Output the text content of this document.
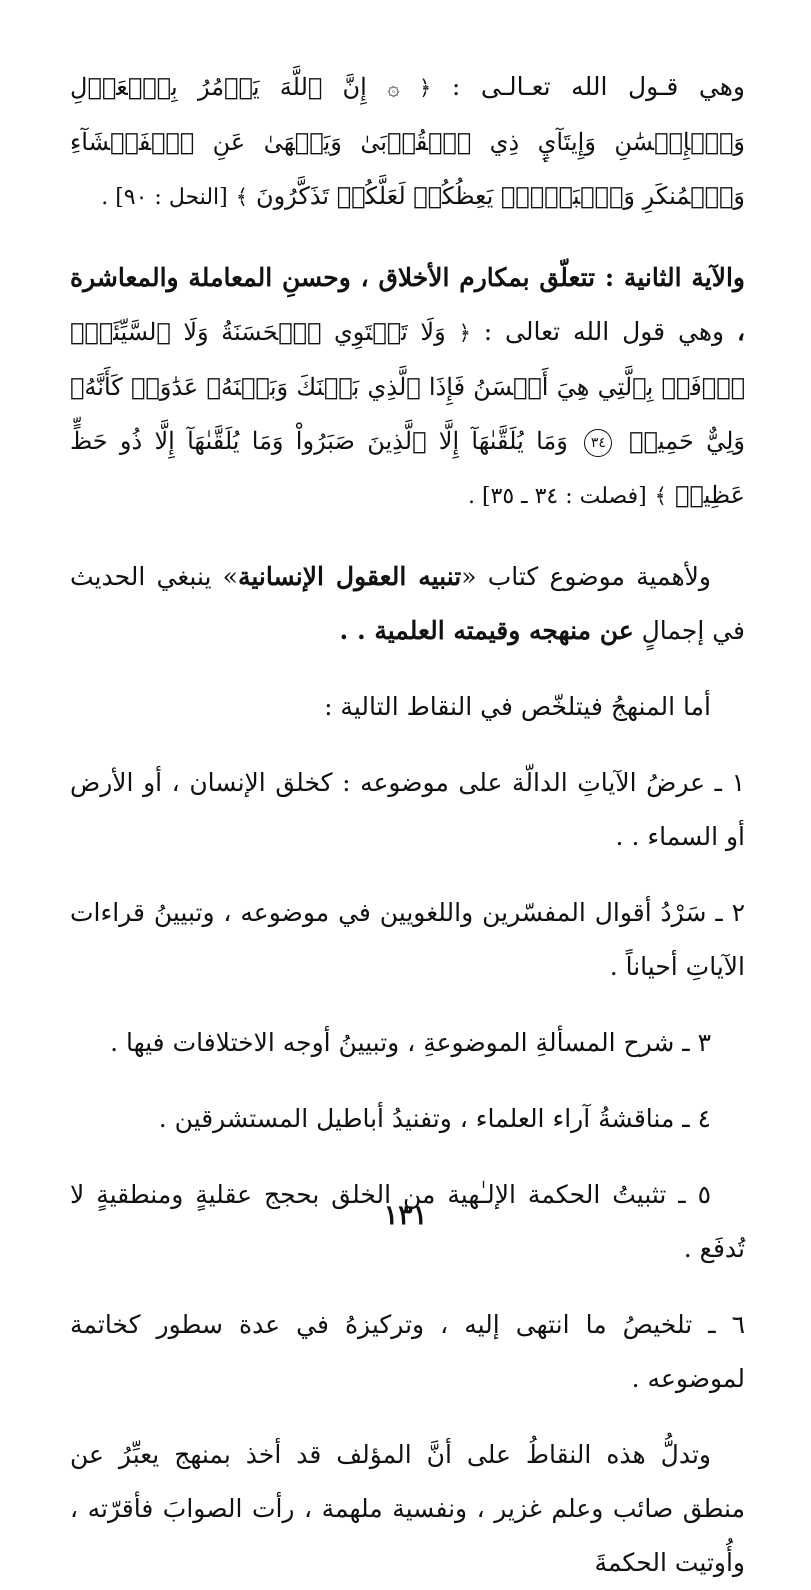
وهي قـول الله تعـالـى : ﴿ ۞ إِنَّ ٱللَّهَ يَأۡمُرُ بِٱلۡعَدۡلِ وَٱلۡإِحۡسَٰنِ وَإِيتَآيِٕ ذِي ٱلۡقُرۡبَىٰ وَيَنۡهَىٰ عَنِ ٱلۡفَحۡشَآءِ وَٱلۡمُنكَرِ وَٱلۡبَغۡيِۚ يَعِظُكُمۡ لَعَلَّكُمۡ تَذَكَّرُونَ ﴾ [النحل : ٩٠] .

والآية الثانية : تتعلّق بمكارم الأخلاق ، وحسنِ المعاملة والمعاشرة ، وهي قول الله تعالى : ﴿ وَلَا تَسۡتَوِي ٱلۡحَسَنَةُ وَلَا ٱلسَّيِّئَةُۚ ٱدۡفَعۡ بِٱلَّتِي هِيَ أَحۡسَنُ فَإِذَا ٱلَّذِي بَيۡنَكَ وَبَيۡنَهُۥ عَدَٰوَةٞ كَأَنَّهُۥ وَلِيٌّ حَمِيمٞ ٣٤ وَمَا يُلَقَّىٰهَآ إِلَّا ٱلَّذِينَ صَبَرُواْ وَمَا يُلَقَّىٰهَآ إِلَّا ذُو حَظٍّ عَظِيمٖ ﴾ [فصلت : ٣٤ ـ ٣٥] .

ولأهمية موضوع كتاب «تنبيه العقول الإنسانية» ينبغي الحديث في إجمالٍ عن منهجه وقيمته العلمية . .

أما المنهجُ فيتلخّص في النقاط التالية :

١ ـ عرضُ الآياتِ الدالّة على موضوعه : كخلق الإنسان ، أو الأرض أو السماء . .

٢ ـ سَرْدُ أقوال المفسّرين واللغويين في موضوعه ، وتبيينُ قراءات الآياتِ أحياناً .

٣ ـ شرح المسألةِ الموضوعةِ ، وتبيينُ أوجه الاختلافات فيها .

٤ ـ مناقشةُ آراء العلماء ، وتفنيدُ أباطيل المستشرقين .

٥ ـ تثبيتُ الحكمة الإلـٰهية من الخلق بحجج عقليةٍ ومنطقيةٍ لا تُدفَع .

٦ ـ تلخيصُ ما انتهى إليه ، وتركيزهُ في عدة سطور كخاتمة لموضوعه .

وتدلُّ هذه النقاطُ على أنَّ المؤلف قد أخذ بمنهج يعبِّرُ عن منطق صائب وعلم غزير ، ونفسية ملهمة ، رأت الصوابَ فأقرّته ، وأُوتيت الحكمةَ

١٣١
